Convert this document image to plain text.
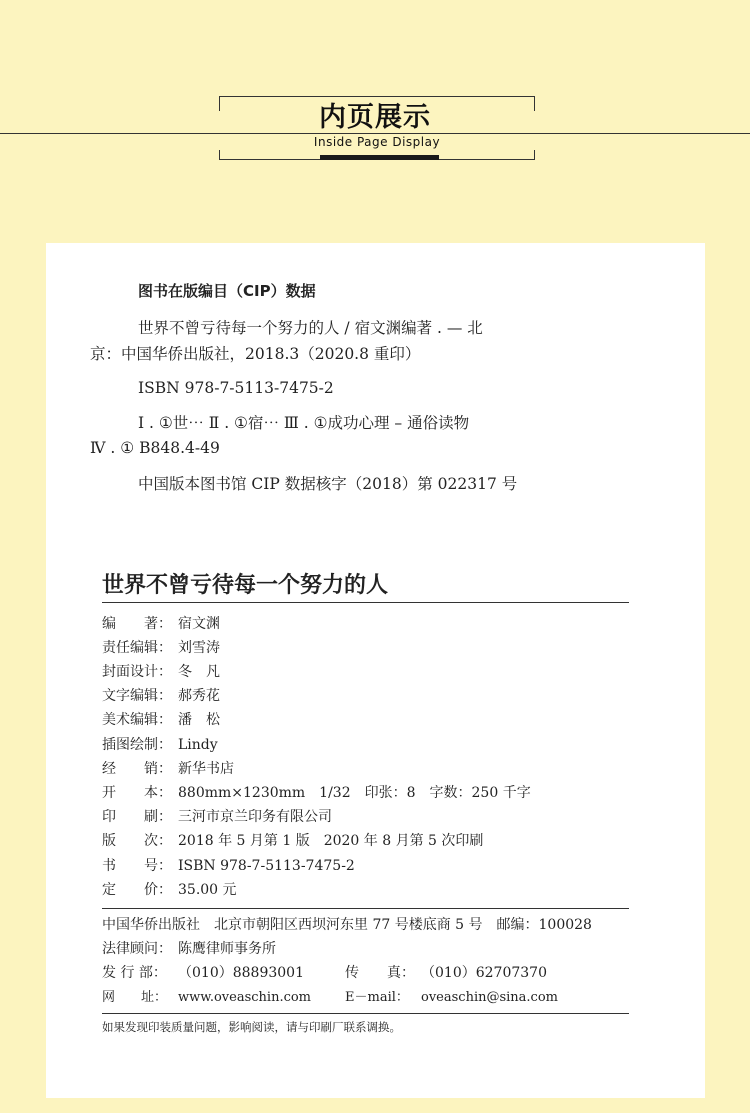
内页展示
Inside Page Display
图书在版编目（CIP）数据
世界不曾亏待每一个努力的人 / 宿文渊编著 . — 北
京：中国华侨出版社，2018.3（2020.8 重印）
ISBN 978-7-5113-7475-2
Ⅰ . ①世⋯ Ⅱ . ①宿⋯ Ⅲ . ①成功心理 – 通俗读物
Ⅳ . ① B848.4-49
中国版本图书馆 CIP 数据核字（2018）第 022317 号
世界不曾亏待每一个努力的人
编　　著： 宿文渊
责任编辑： 刘雪涛
封面设计： 冬　凡
文字编辑： 郝秀花
美术编辑： 潘　松
插图绘制： Lindy
经　　销： 新华书店
开　　本： 880mm×1230mm　1/32　印张：8　字数：250 千字
印　　刷： 三河市京兰印务有限公司
版　　次： 2018 年 5 月第 1 版　2020 年 8 月第 5 次印刷
书　　号： ISBN 978-7-5113-7475-2
定　　价： 35.00 元
中国华侨出版社　北京市朝阳区西坝河东里 77 号楼底商 5 号　邮编：100028
法律顾问： 陈鹰律师事务所
发 行 部： （010）88893001	传　　真： （010）62707370
网　　址： www.oveaschin.com	E－mail： oveaschin@sina.com
如果发现印装质量问题，影响阅读，请与印刷厂联系调换。
